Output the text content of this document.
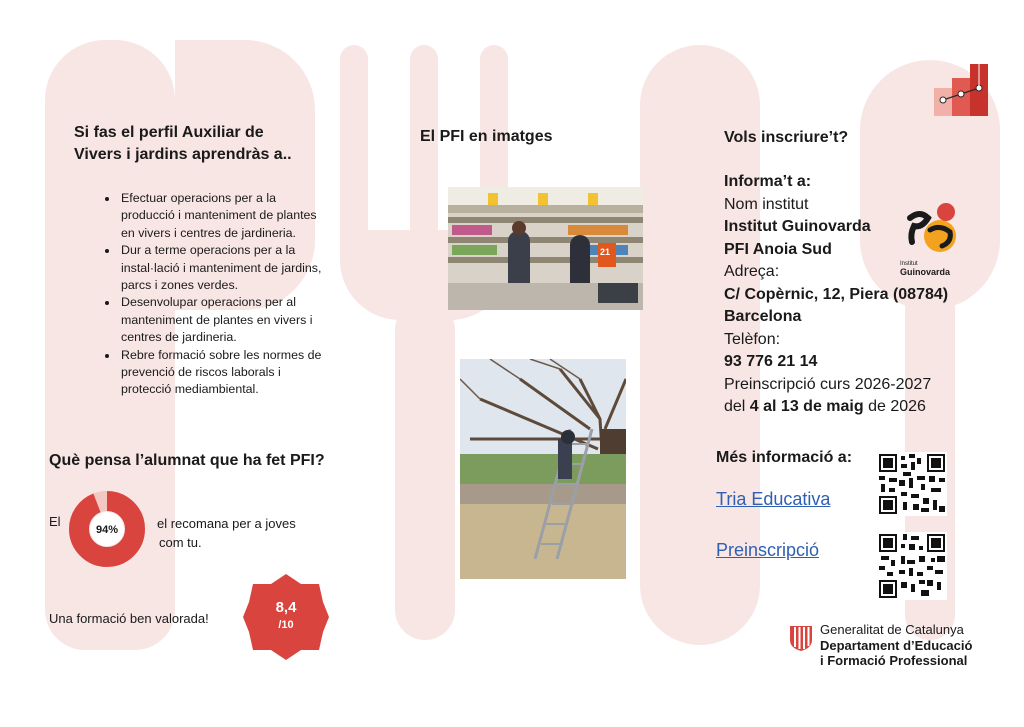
Si fas el perfil Auxiliar de
Vivers i jardins aprendràs a..
• Efectuar operacions per a la producció i manteniment de plantes en vivers i centres de jardineria.
• Dur a terme operacions per a la instal·lació i manteniment de jardins, parcs i zones verdes.
• Desenvolupar operacions per al manteniment de plantes en vivers i centres de jardineria.
• Rebre formació sobre les normes de prevenció de riscos laborals i protecció mediambiental.
Què pensa l’alumnat que ha fet PFI?
El
94%	el recomana per a joves
com tu.
Una formació ben valorada!
8,4
/10
El PFI en imatges
21
Vols inscriure’t?

Informa’t a:

Nom institut

Institut Guinovarda

PFI Anoia Sud

Adreça:

C/ Copèrnic, 12, Piera (08784)

Barcelona

Telèfon:

93 776 21 14

Preinscripció curs 2026-2027

del 4 al 13 de maig de 2026

Institut
Guinovarda
Més informació a:
Tria Educativa
Preinscripció
Generalitat de Catalunya
Departament d’Educació
i Formació Professional
